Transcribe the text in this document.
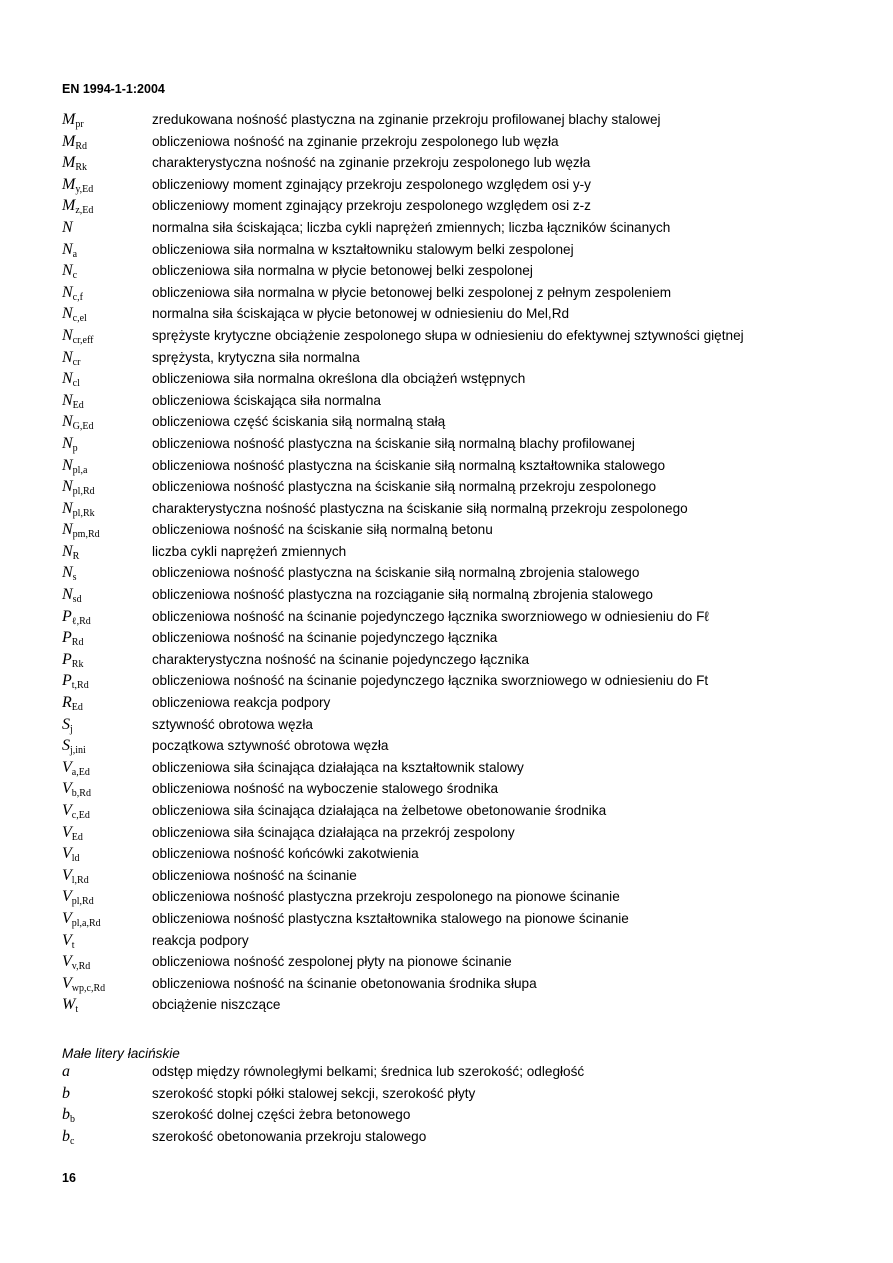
EN 1994-1-1:2004
$M_{pr}$	zredukowana nośność plastyczna na zginanie przekroju profilowanej blachy stalowej
$M_{Rd}$	obliczeniowa nośność na zginanie przekroju zespolonego lub węzła
$M_{Rk}$	charakterystyczna nośność na zginanie przekroju zespolonego lub węzła
$M_{y,Ed}$	obliczeniowy moment zginający przekroju zespolonego względem osi y-y
$M_{z,Ed}$	obliczeniowy moment zginający przekroju zespolonego względem osi z-z
N	normalna siła ściskająca; liczba cykli naprężeń zmiennych; liczba łączników ścinanych
$N_a$	obliczeniowa siła normalna w kształtowniku stalowym belki zespolonej
$N_c$	obliczeniowa siła normalna w płycie betonowej belki zespolonej
$N_{c,f}$	obliczeniowa siła normalna w płycie betonowej belki zespolonej z pełnym zespoleniem
$N_{c,el}$	normalna siła ściskająca w płycie betonowej w odniesieniu do Mel,Rd
$N_{cr,eff}$	sprężyste krytyczne obciążenie zespolonego słupa w odniesieniu do efektywnej sztywności giętnej
$N_{cr}$	sprężysta, krytyczna siła normalna
$N_{cl}$	obliczeniowa siła normalna określona dla obciążeń wstępnych
$N_{Ed}$	obliczeniowa ściskająca siła normalna
$N_{G,Ed}$	obliczeniowa część ściskania siłą normalną stałą
$N_p$	obliczeniowa nośność plastyczna na ściskanie siłą normalną blachy profilowanej
$N_{pl,a}$	obliczeniowa nośność plastyczna na ściskanie siłą normalną kształtownika stalowego
$N_{pl,Rd}$	obliczeniowa nośność plastyczna na ściskanie siłą normalną przekroju zespolonego
$N_{pl,Rk}$	charakterystyczna nośność plastyczna na ściskanie siłą normalną przekroju zespolonego
$N_{pm,Rd}$	obliczeniowa nośność na ściskanie siłą normalną betonu
$N_R$	liczba cykli naprężeń zmiennych
$N_s$	obliczeniowa nośność plastyczna na ściskanie siłą normalną zbrojenia stalowego
$N_{sd}$	obliczeniowa nośność plastyczna na rozciąganie siłą normalną zbrojenia stalowego
$P_{\ell,Rd}$	obliczeniowa nośność na ścinanie pojedynczego łącznika sworzniowego w odniesieniu do Fℓ
$P_{Rd}$	obliczeniowa nośność na ścinanie pojedynczego łącznika
$P_{Rk}$	charakterystyczna nośność na ścinanie pojedynczego łącznika
$P_{t,Rd}$	obliczeniowa nośność na ścinanie pojedynczego łącznika sworzniowego w odniesieniu do Ft
$R_{Ed}$	obliczeniowa reakcja podpory
$S_j$	sztywność obrotowa węzła
$S_{j,ini}$	początkowa sztywność obrotowa węzła
$V_{a,Ed}$	obliczeniowa siła ścinająca działająca na kształtownik stalowy
$V_{b,Rd}$	obliczeniowa nośność na wyboczenie stalowego środnika
$V_{c,Ed}$	obliczeniowa siła ścinająca działająca na żelbetowe obetonowanie środnika
$V_{Ed}$	obliczeniowa siła ścinająca działająca na przekrój zespolony
$V_{ld}$	obliczeniowa nośność końcówki zakotwienia
$V_{l,Rd}$	obliczeniowa nośność na ścinanie
$V_{pl,Rd}$	obliczeniowa nośność plastyczna przekroju zespolonego na pionowe ścinanie
$V_{pl,a,Rd}$	obliczeniowa nośność plastyczna kształtownika stalowego na pionowe ścinanie
$V_t$	reakcja podpory
$V_{v,Rd}$	obliczeniowa nośność zespolonej płyty na pionowe ścinanie
$V_{wp,c,Rd}$	obliczeniowa nośność na ścinanie obetonowania środnika słupa
$W_t$	obciążenie niszczące
Małe litery łacińskie
a	odstęp między równoległymi belkami; średnica lub szerokość; odległość
b	szerokość stopki półki stalowej sekcji, szerokość płyty
$b_b$	szerokość dolnej części żebra betonowego
$b_c$	szerokość obetonowania przekroju stalowego
16
